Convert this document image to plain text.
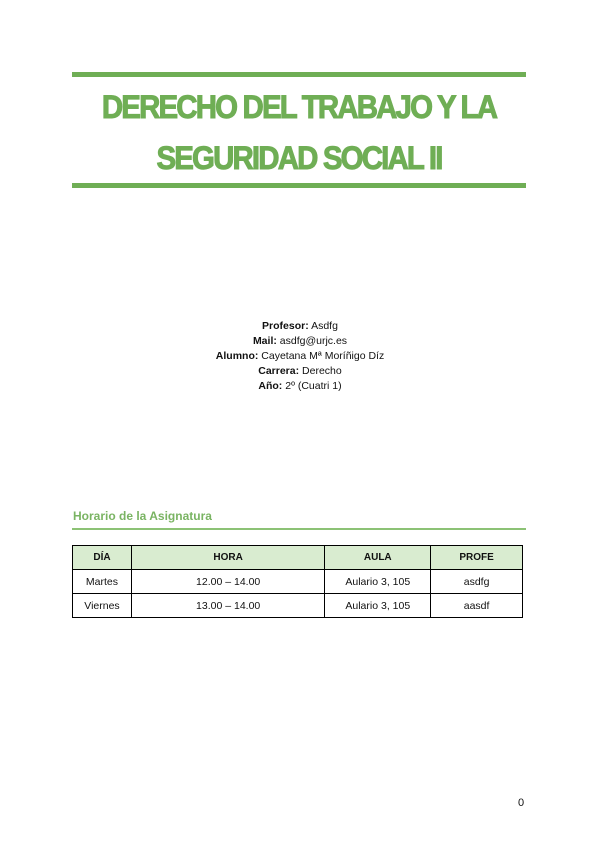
DERECHO DEL TRABAJO Y LA
SEGURIDAD SOCIAL II
Profesor: Asdfg
Mail: asdfg@urjc.es
Alumno: Cayetana Mª Moríñigo Díz
Carrera: Derecho
Año: 2º (Cuatri 1)
Horario de la Asignatura
DÍA	HORA	AULA	PROFE
Martes	12.00 – 14.00	Aulario 3, 105	asdfg
Viernes	13.00 – 14.00	Aulario 3, 105	aasdf
0
